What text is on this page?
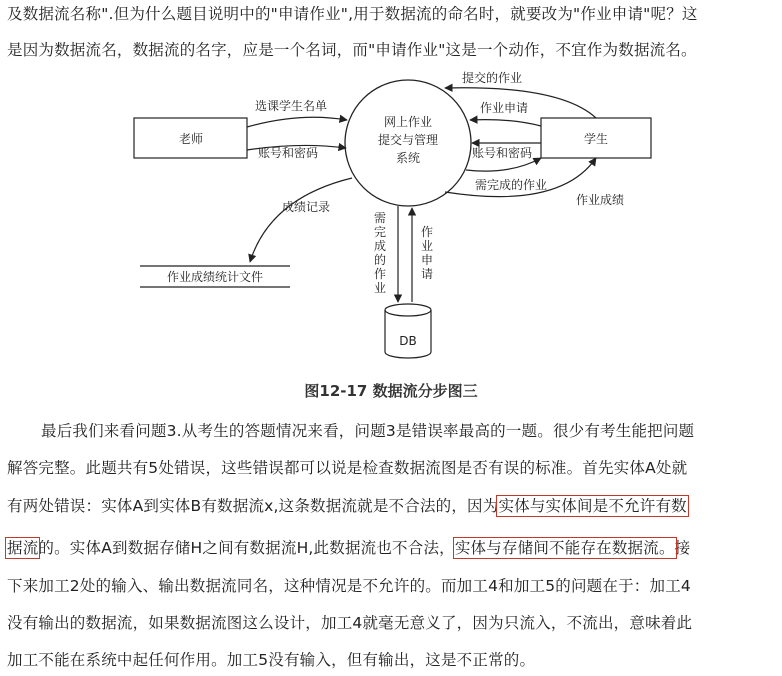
及数据流名称".但为什么题目说明中的"申请作业",用于数据流的命名时，就要改为"作业申请"呢？这
是因为数据流名，数据流的名字，应是一个名词，而"申请作业"这是一个动作，不宜作为数据流名。
网上作业
提交与管理
系统
老师	学生
选课学生名单
账号和密码
提交的作业
作业申请
账号和密码
需完成的作业
作业成绩
成绩记录
作业成绩统计文件
需
完
成
的
作
业
作
业
申
请
DB
图12-17 数据流分步图三
最后我们来看问题3.从考生的答题情况来看，问题3是错误率最高的一题。很少有考生能把问题
解答完整。此题共有5处错误，这些错误都可以说是检查数据流图是否有误的标准。首先实体A处就
有两处错误：实体A到实体B有数据流x,这条数据流就是不合法的，因为实体与实体间是不允许有数
据流的。实体A到数据存储H之间有数据流H,此数据流也不合法，实体与存储间不能存在数据流。接
下来加工2处的输入、输出数据流同名，这种情况是不允许的。而加工4和加工5的问题在于：加工4
没有输出的数据流，如果数据流图这么设计，加工4就毫无意义了，因为只流入，不流出，意味着此
加工不能在系统中起任何作用。加工5没有输入，但有输出，这是不正常的。
